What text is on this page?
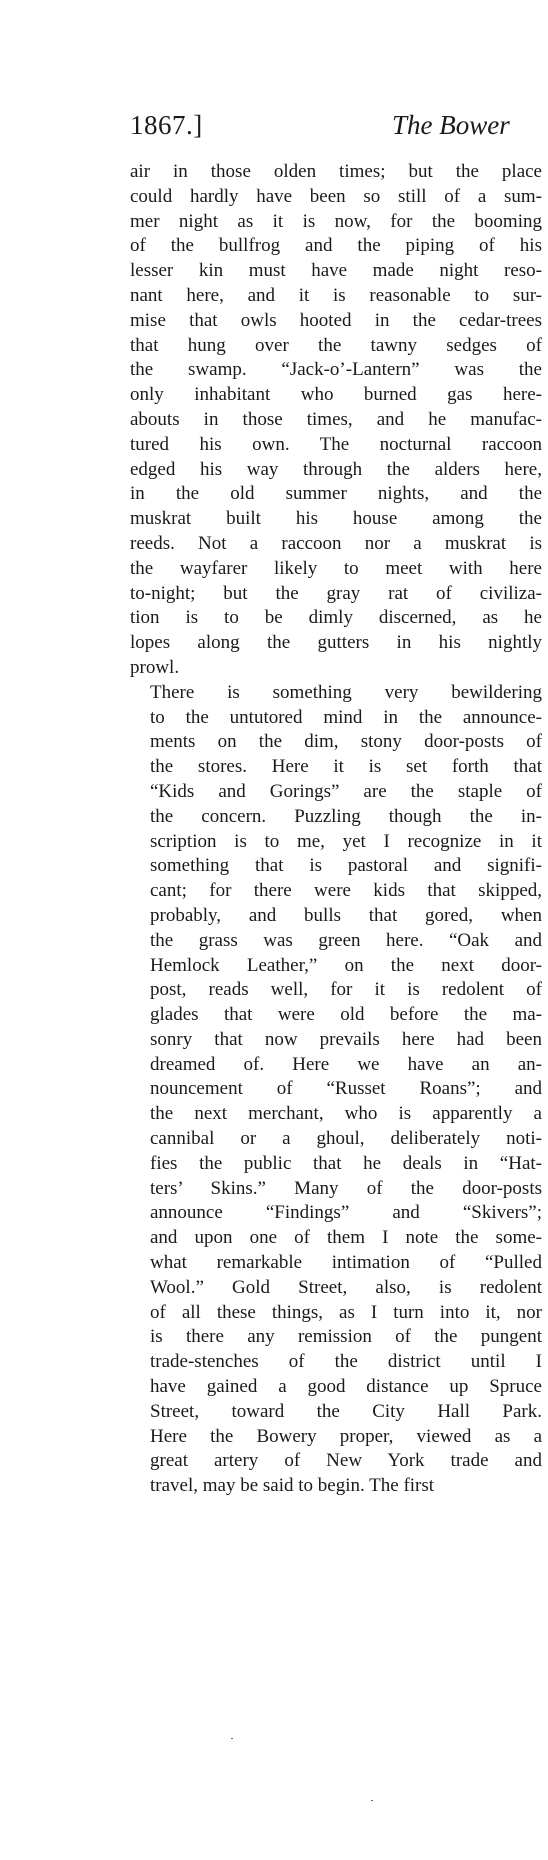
1867.]	The Bower

air in those olden times; but the place
could hardly have been so still of a sum-
mer night as it is now, for the booming
of the bullfrog and the piping of his
lesser kin must have made night reso-
nant here, and it is reasonable to sur-
mise that owls hooted in the cedar-trees
that hung over the tawny sedges of
the swamp. “Jack-o’-Lantern” was the
only inhabitant who burned gas here-
abouts in those times, and he manufac-
tured his own. The nocturnal raccoon
edged his way through the alders here,
in the old summer nights, and the
muskrat built his house among the
reeds. Not a raccoon nor a muskrat is
the wayfarer likely to meet with here
to-night; but the gray rat of civiliza-
tion is to be dimly discerned, as he
lopes along the gutters in his nightly
prowl.

There is something very bewildering
to the untutored mind in the announce-
ments on the dim, stony door-posts of
the stores. Here it is set forth that
“Kids and Gorings” are the staple of
the concern. Puzzling though the in-
scription is to me, yet I recognize in it
something that is pastoral and signifi-
cant; for there were kids that skipped,
probably, and bulls that gored, when
the grass was green here. “Oak and
Hemlock Leather,” on the next door-
post, reads well, for it is redolent of
glades that were old before the ma-
sonry that now prevails here had been
dreamed of. Here we have an an-
nouncement of “Russet Roans”; and
the next merchant, who is apparently a
cannibal or a ghoul, deliberately noti-
fies the public that he deals in “Hat-
ters’ Skins.” Many of the door-posts
announce “Findings” and “Skivers”;
and upon one of them I note the some-
what remarkable intimation of “Pulled
Wool.” Gold Street, also, is redolent
of all these things, as I turn into it, nor
is there any remission of the pungent
trade-stenches of the district until I
have gained a good distance up Spruce
Street, toward the City Hall Park.
Here the Bowery proper, viewed as a
great artery of New York trade and
travel, may be said to begin. The first
